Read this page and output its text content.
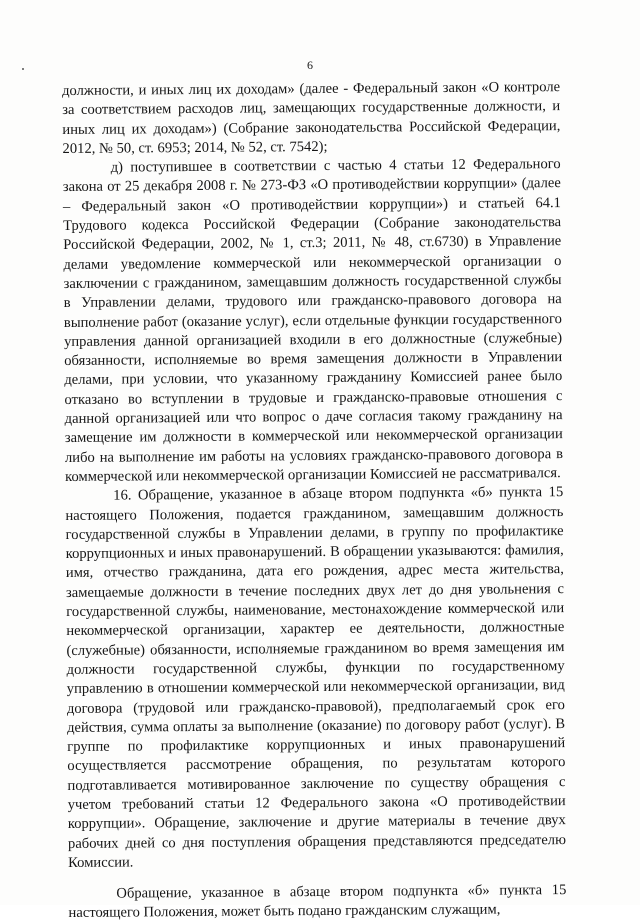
6

должности, и иных лиц их доходам» (далее - Федеральный закон «О контроле за соответствием расходов лиц, замещающих государственные должности, и иных лиц их доходам») (Собрание законодательства Российской Федерации, 2012, № 50, ст. 6953; 2014, № 52, ст. 7542);

д) поступившее в соответствии с частью 4 статьи 12 Федерального закона от 25 декабря 2008 г. № 273-ФЗ «О противодействии коррупции» (далее – Федеральный закон «О противодействии коррупции») и статьей 64.1 Трудового кодекса Российской Федерации (Собрание законодательства Российской Федерации, 2002, № 1, ст.3; 2011, № 48, ст.6730) в Управление делами уведомление коммерческой или некоммерческой организации о заключении с гражданином, замещавшим должность государственной службы в Управлении делами, трудового или гражданско-правового договора на выполнение работ (оказание услуг), если отдельные функции государственного управления данной организацией входили в его должностные (служебные) обязанности, исполняемые во время замещения должности в Управлении делами, при условии, что указанному гражданину Комиссией ранее было отказано во вступлении в трудовые и гражданско-правовые отношения с данной организацией или что вопрос о даче согласия такому гражданину на замещение им должности в коммерческой или некоммерческой организации либо на выполнение им работы на условиях гражданско-правового договора в коммерческой или некоммерческой организации Комиссией не рассматривался.

16. Обращение, указанное в абзаце втором подпункта «б» пункта 15 настоящего Положения, подается гражданином, замещавшим должность государственной службы в Управлении делами, в группу по профилактике коррупционных и иных правонарушений. В обращении указываются: фамилия, имя, отчество гражданина, дата его рождения, адрес места жительства, замещаемые должности в течение последних двух лет до дня увольнения с государственной службы, наименование, местонахождение коммерческой или некоммерческой организации, характер ее деятельности, должностные (служебные) обязанности, исполняемые гражданином во время замещения им должности государственной службы, функции по государственному управлению в отношении коммерческой или некоммерческой организации, вид договора (трудовой или гражданско-правовой), предполагаемый срок его действия, сумма оплаты за выполнение (оказание) по договору работ (услуг). В группе по профилактике коррупционных и иных правонарушений осуществляется рассмотрение обращения, по результатам которого подготавливается мотивированное заключение по существу обращения с учетом требований статьи 12 Федерального закона «О противодействии коррупции». Обращение, заключение и другие материалы в течение двух рабочих дней со дня поступления обращения представляются председателю Комиссии.

Обращение, указанное в абзаце втором подпункта «б» пункта 15 настоящего Положения, может быть подано гражданским служащим,
